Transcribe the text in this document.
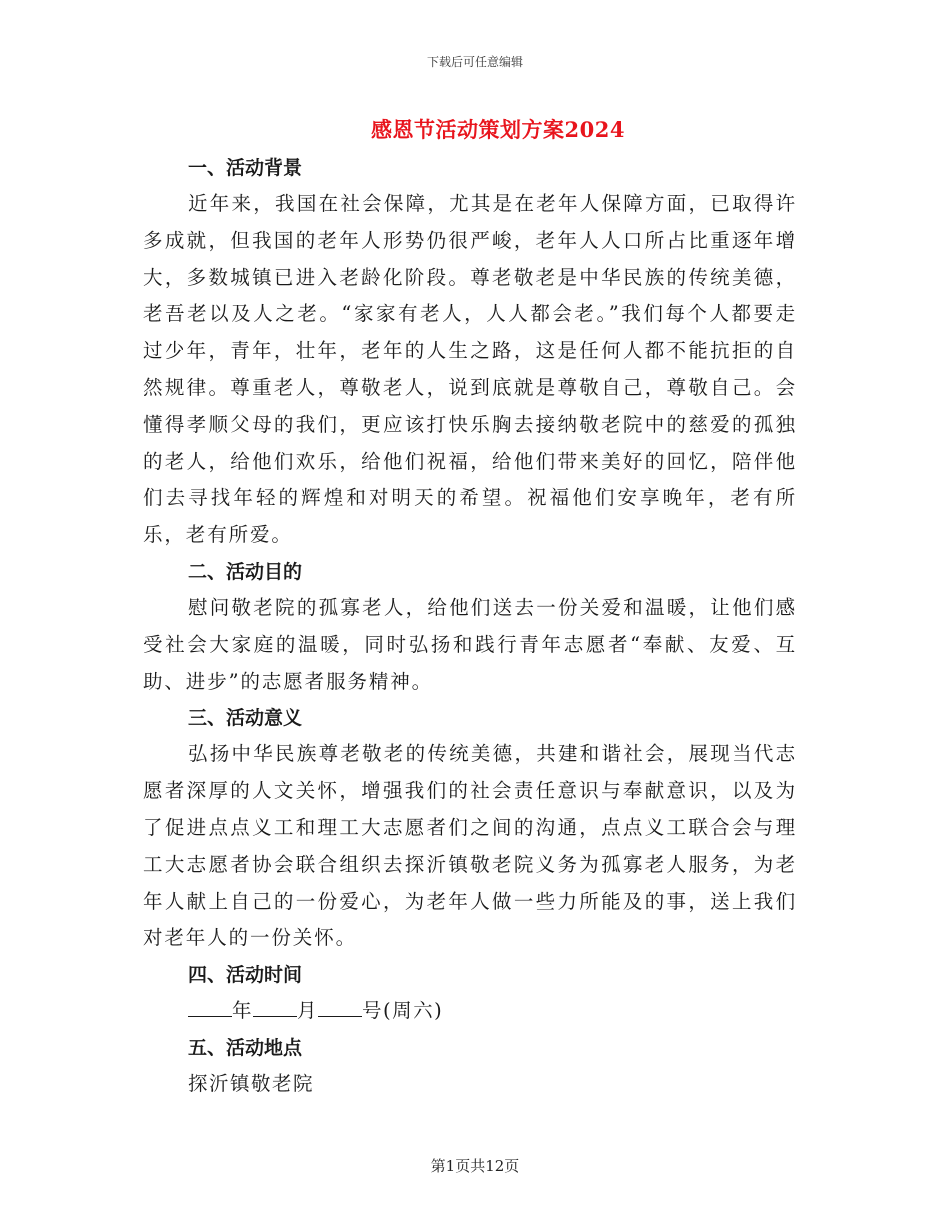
下载后可任意编辑
感恩节活动策划方案2024
一、活动背景

近年来，我国在社会保障，尤其是在老年人保障方面，已取得许多成就，但我国的老年人形势仍很严峻，老年人人口所占比重逐年增大，多数城镇已进入老龄化阶段。尊老敬老是中华民族的传统美德，老吾老以及人之老。“家家有老人，人人都会老。”我们每个人都要走过少年，青年，壮年，老年的人生之路，这是任何人都不能抗拒的自然规律。尊重老人，尊敬老人，说到底就是尊敬自己，尊敬自己。会懂得孝顺父母的我们，更应该打快乐胸去接纳敬老院中的慈爱的孤独的老人，给他们欢乐，给他们祝福，给他们带来美好的回忆，陪伴他们去寻找年轻的辉煌和对明天的希望。祝福他们安享晚年，老有所乐，老有所爱。

二、活动目的

慰问敬老院的孤寡老人，给他们送去一份关爱和温暖，让他们感受社会大家庭的温暖，同时弘扬和践行青年志愿者“奉献、友爱、互助、进步”的志愿者服务精神。

三、活动意义

弘扬中华民族尊老敬老的传统美德，共建和谐社会，展现当代志愿者深厚的人文关怀，增强我们的社会责任意识与奉献意识，以及为了促进点点义工和理工大志愿者们之间的沟通，点点义工联合会与理工大志愿者协会联合组织去探沂镇敬老院义务为孤寡老人服务，为老年人献上自己的一份爱心，为老年人做一些力所能及的事，送上我们对老年人的一份关怀。

四、活动时间

年 月 号(周六)

五、活动地点

探沂镇敬老院

第1页共12页
